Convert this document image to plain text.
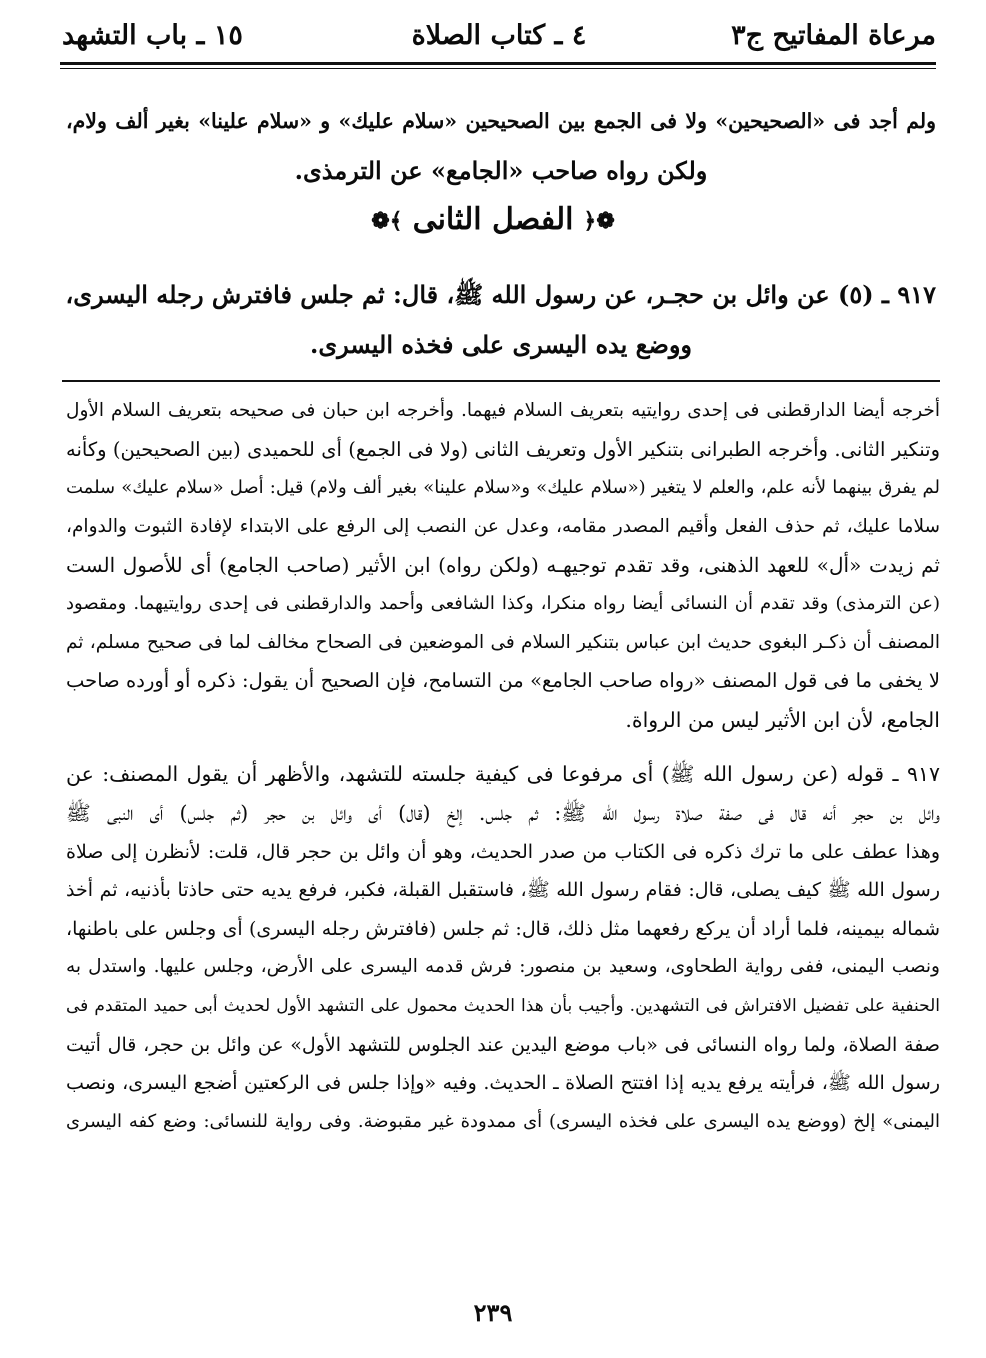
مرعاة المفاتيح ج٣
٤ ـ كتاب الصلاة
١٥ ـ باب التشهد
ولم أجد فى «الصحيحين» ولا فى الجمع بين الصحيحين «سلام عليك» و «سلام علينا» بغير ألف ولام،
ولكن رواه صاحب «الجامع» عن الترمذى.
❁﴿الفصل الثانى﴾❁
٩١٧ ـ (٥) عن وائل بن حجـر، عن رسول الله ﷺ، قال: ثم جلس فافترش رجله اليسرى،
ووضع يده اليسرى على فخذه اليسرى.
أخرجه أيضا الدارقطنى فى إحدى روايتيه بتعريف السلام فيهما. وأخرجه ابن حبان فى صحيحه بتعريف السلام الأول
وتنكير الثانى. وأخرجه الطبرانى بتنكير الأول وتعريف الثانى (ولا فى الجمع) أى للحميدى (بين الصحيحين) وكأنه
لم يفرق بينهما لأنه علم، والعلم لا يتغير («سلام عليك» و«سلام علينا» بغير ألف ولام) قيل: أصل «سلام عليك» سلمت
سلاما عليك، ثم حذف الفعل وأقيم المصدر مقامه، وعدل عن النصب إلى الرفع على الابتداء لإفادة الثبوت والدوام،
ثم زيدت «أل» للعهد الذهنى، وقد تقدم توجيهـه (ولكن رواه) ابن الأثير (صاحب الجامع) أى للأصول الست
(عن الترمذى) وقد تقدم أن النسائى أيضا رواه منكرا، وكذا الشافعى وأحمد والدارقطنى فى إحدى روايتيهما. ومقصود
المصنف أن ذكـر البغوى حديث ابن عباس بتنكير السلام فى الموضعين فى الصحاح مخالف لما فى صحيح مسلم، ثم
لا يخفى ما فى قول المصنف «رواه صاحب الجامع» من التسامح، فإن الصحيح أن يقول: ذكره أو أورده صاحب
الجامع، لأن ابن الأثير ليس من الرواة.
٩١٧ ـ قوله (عن رسول الله ﷺ) أى مرفوعا فى كيفية جلسته للتشهد، والأظهر أن يقول المصنف: عن
وائل بن حجر أنه قال فى صفة صلاة رسول الله ﷺ: ثم جلس. إلخ (قال) أى وائل بن حجر (ثم جلس) أى النبى ﷺ
وهذا عطف على ما ترك ذكره فى الكتاب من صدر الحديث، وهو أن وائل بن حجر قال، قلت: لأنظرن إلى صلاة
رسول الله ﷺ كيف يصلى، قال: فقام رسول الله ﷺ، فاستقبل القبلة، فكبر، فرفع يديه حتى حاذتا بأذنيه، ثم أخذ
شماله بيمينه، فلما أراد أن يركع رفعهما مثل ذلك، قال: ثم جلس (فافترش رجله اليسرى) أى وجلس على باطنها،
ونصب اليمنى، ففى رواية الطحاوى، وسعيد بن منصور: فرش قدمه اليسرى على الأرض، وجلس عليها. واستدل به
الحنفية على تفضيل الافتراش فى التشهدين. وأجيب بأن هذا الحديث محمول على التشهد الأول لحديث أبى حميد المتقدم فى
صفة الصلاة، ولما رواه النسائى فى «باب موضع اليدين عند الجلوس للتشهد الأول» عن وائل بن حجر، قال أتيت
رسول الله ﷺ، فرأيته يرفع يديه إذا افتتح الصلاة ـ الحديث. وفيه «وإذا جلس فى الركعتين أضجع اليسرى، ونصب
اليمنى» إلخ (ووضع يده اليسرى على فخذه اليسرى) أى ممدودة غير مقبوضة. وفى رواية للنسائى: وضع كفه اليسرى
٢٣٩
